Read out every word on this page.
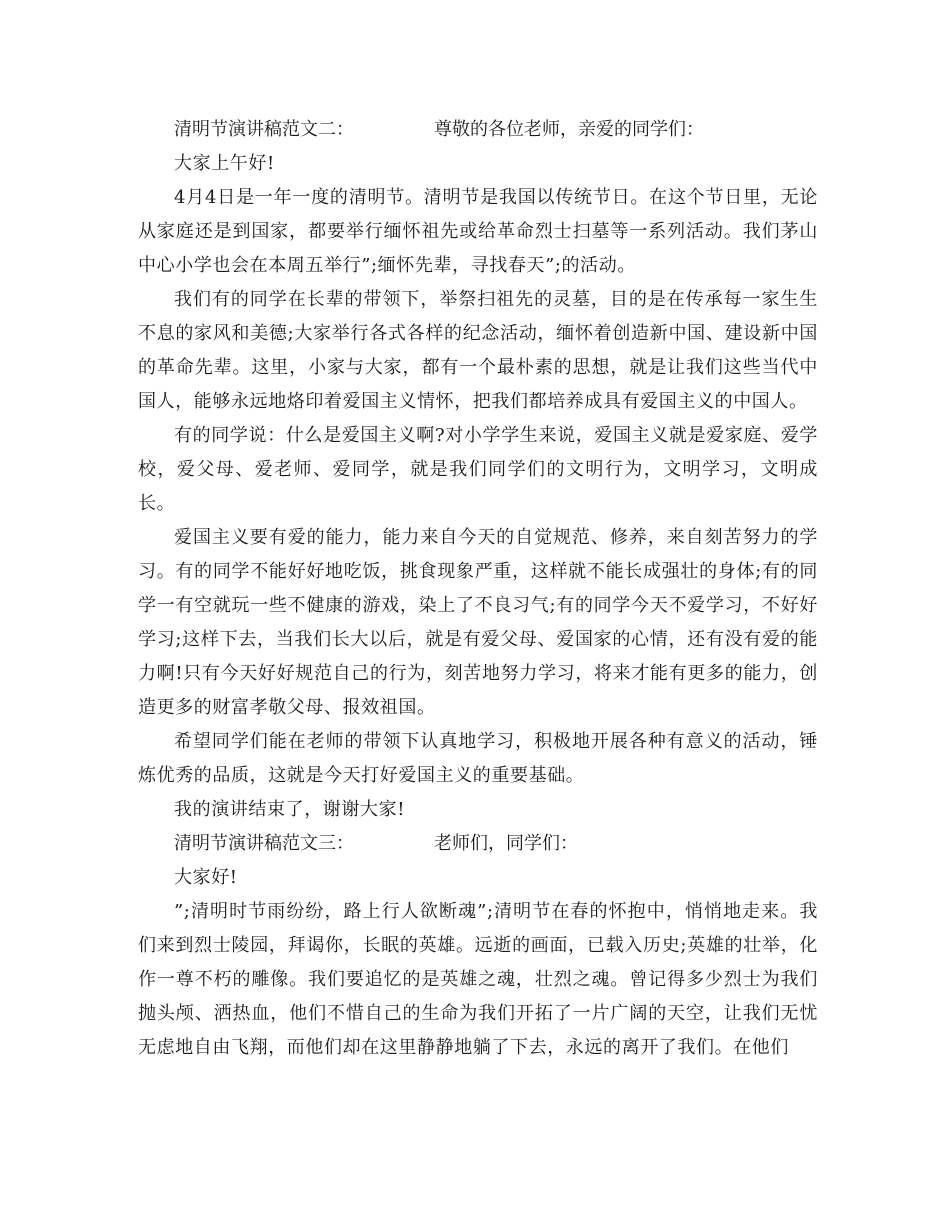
清明节演讲稿范文二：	尊敬的各位老师，亲爱的同学们：

大家上午好!

4月4日是一年一度的清明节。清明节是我国以传统节日。在这个节日里，无论从家庭还是到国家，都要举行缅怀祖先或给革命烈士扫墓等一系列活动。我们茅山中心小学也会在本周五举行”;缅怀先辈，寻找春天”;的活动。

我们有的同学在长辈的带领下，举祭扫祖先的灵墓，目的是在传承每一家生生不息的家风和美德;大家举行各式各样的纪念活动，缅怀着创造新中国、建设新中国的革命先辈。这里，小家与大家，都有一个最朴素的思想，就是让我们这些当代中国人，能够永远地烙印着爱国主义情怀，把我们都培养成具有爱国主义的中国人。

有的同学说：什么是爱国主义啊?对小学学生来说，爱国主义就是爱家庭、爱学校，爱父母、爱老师、爱同学，就是我们同学们的文明行为，文明学习，文明成长。

爱国主义要有爱的能力，能力来自今天的自觉规范、修养，来自刻苦努力的学习。有的同学不能好好地吃饭，挑食现象严重，这样就不能长成强壮的身体;有的同学一有空就玩一些不健康的游戏，染上了不良习气;有的同学今天不爱学习，不好好学习;这样下去，当我们长大以后，就是有爱父母、爱国家的心情，还有没有爱的能力啊!只有今天好好规范自己的行为，刻苦地努力学习，将来才能有更多的能力，创造更多的财富孝敬父母、报效祖国。

希望同学们能在老师的带领下认真地学习，积极地开展各种有意义的活动，锤炼优秀的品质，这就是今天打好爱国主义的重要基础。

我的演讲结束了，谢谢大家!

清明节演讲稿范文三：	老师们，同学们：

大家好!

”;清明时节雨纷纷，路上行人欲断魂”;清明节在春的怀抱中，悄悄地走来。我们来到烈士陵园，拜谒你，长眠的英雄。远逝的画面，已载入历史;英雄的壮举，化作一尊不朽的雕像。我们要追忆的是英雄之魂，壮烈之魂。曾记得多少烈士为我们抛头颅、洒热血，他们不惜自己的生命为我们开拓了一片广阔的天空，让我们无忧无虑地自由飞翔，而他们却在这里静静地躺了下去，永远的离开了我们。在他们
